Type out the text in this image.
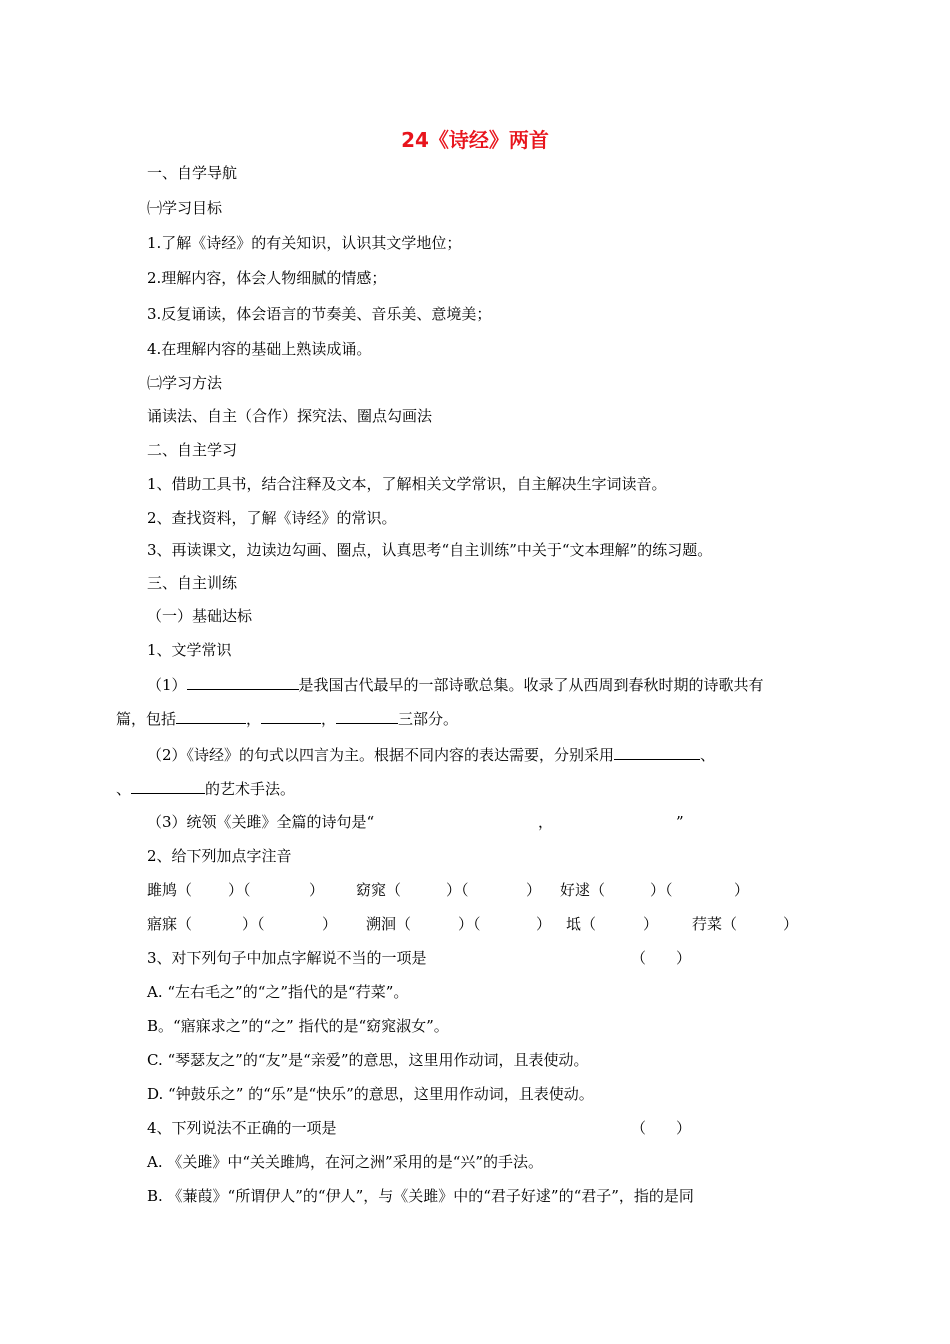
24《诗经》两首
一、自学导航
㈠学习目标
1.了解《诗经》的有关知识，认识其文学地位；
2.理解内容，体会人物细腻的情感；
3.反复诵读，体会语言的节奏美、音乐美、意境美；
4.在理解内容的基础上熟读成诵。
㈡学习方法
诵读法、自主（合作）探究法、圈点勾画法
二、自主学习
1、借助工具书，结合注释及文本，了解相关文学常识，自主解决生字词读音。
2、查找资料，了解《诗经》的常识。
3、再读课文，边读边勾画、圈点，认真思考“自主训练”中关于“文本理解”的练习题。
三、自主训练
（一）基础达标
1、文学常识
（1）	是我国古代最早的一部诗歌总集。收录了从西周到春秋时期的诗歌共有
篇，包括	，	，	三部分。
（2）《诗经》的句式以四言为主。根据不同内容的表达需要，分别采用	、
、	的艺术手法。
（3）统领《关雎》全篇的诗句是“	，	”
2、给下列加点字注音
雎鸠（ ）（	） 窈窕（	）（	） 好逑（	）（	）
寤寐（	）（	） 溯洄（	）（	） 坻（	） 荇菜（	）
3、对下列句子中加点字解说不当的一项是	（　　）
A. “左右毛之”的“之”指代的是“荇菜”。
B。“寤寐求之”的“之” 指代的是“窈窕淑女”。
C. “琴瑟友之”的“友”是“亲爱”的意思，这里用作动词，且表使动。
D. “钟鼓乐之” 的“乐”是“快乐”的意思，这里用作动词，且表使动。
4、下列说法不正确的一项是	（　　）
A. 《关雎》中“关关雎鸠，在河之洲”采用的是“兴”的手法。
B. 《蒹葭》“所谓伊人”的“伊人”，与《关雎》中的“君子好逑”的“君子”，指的是同
